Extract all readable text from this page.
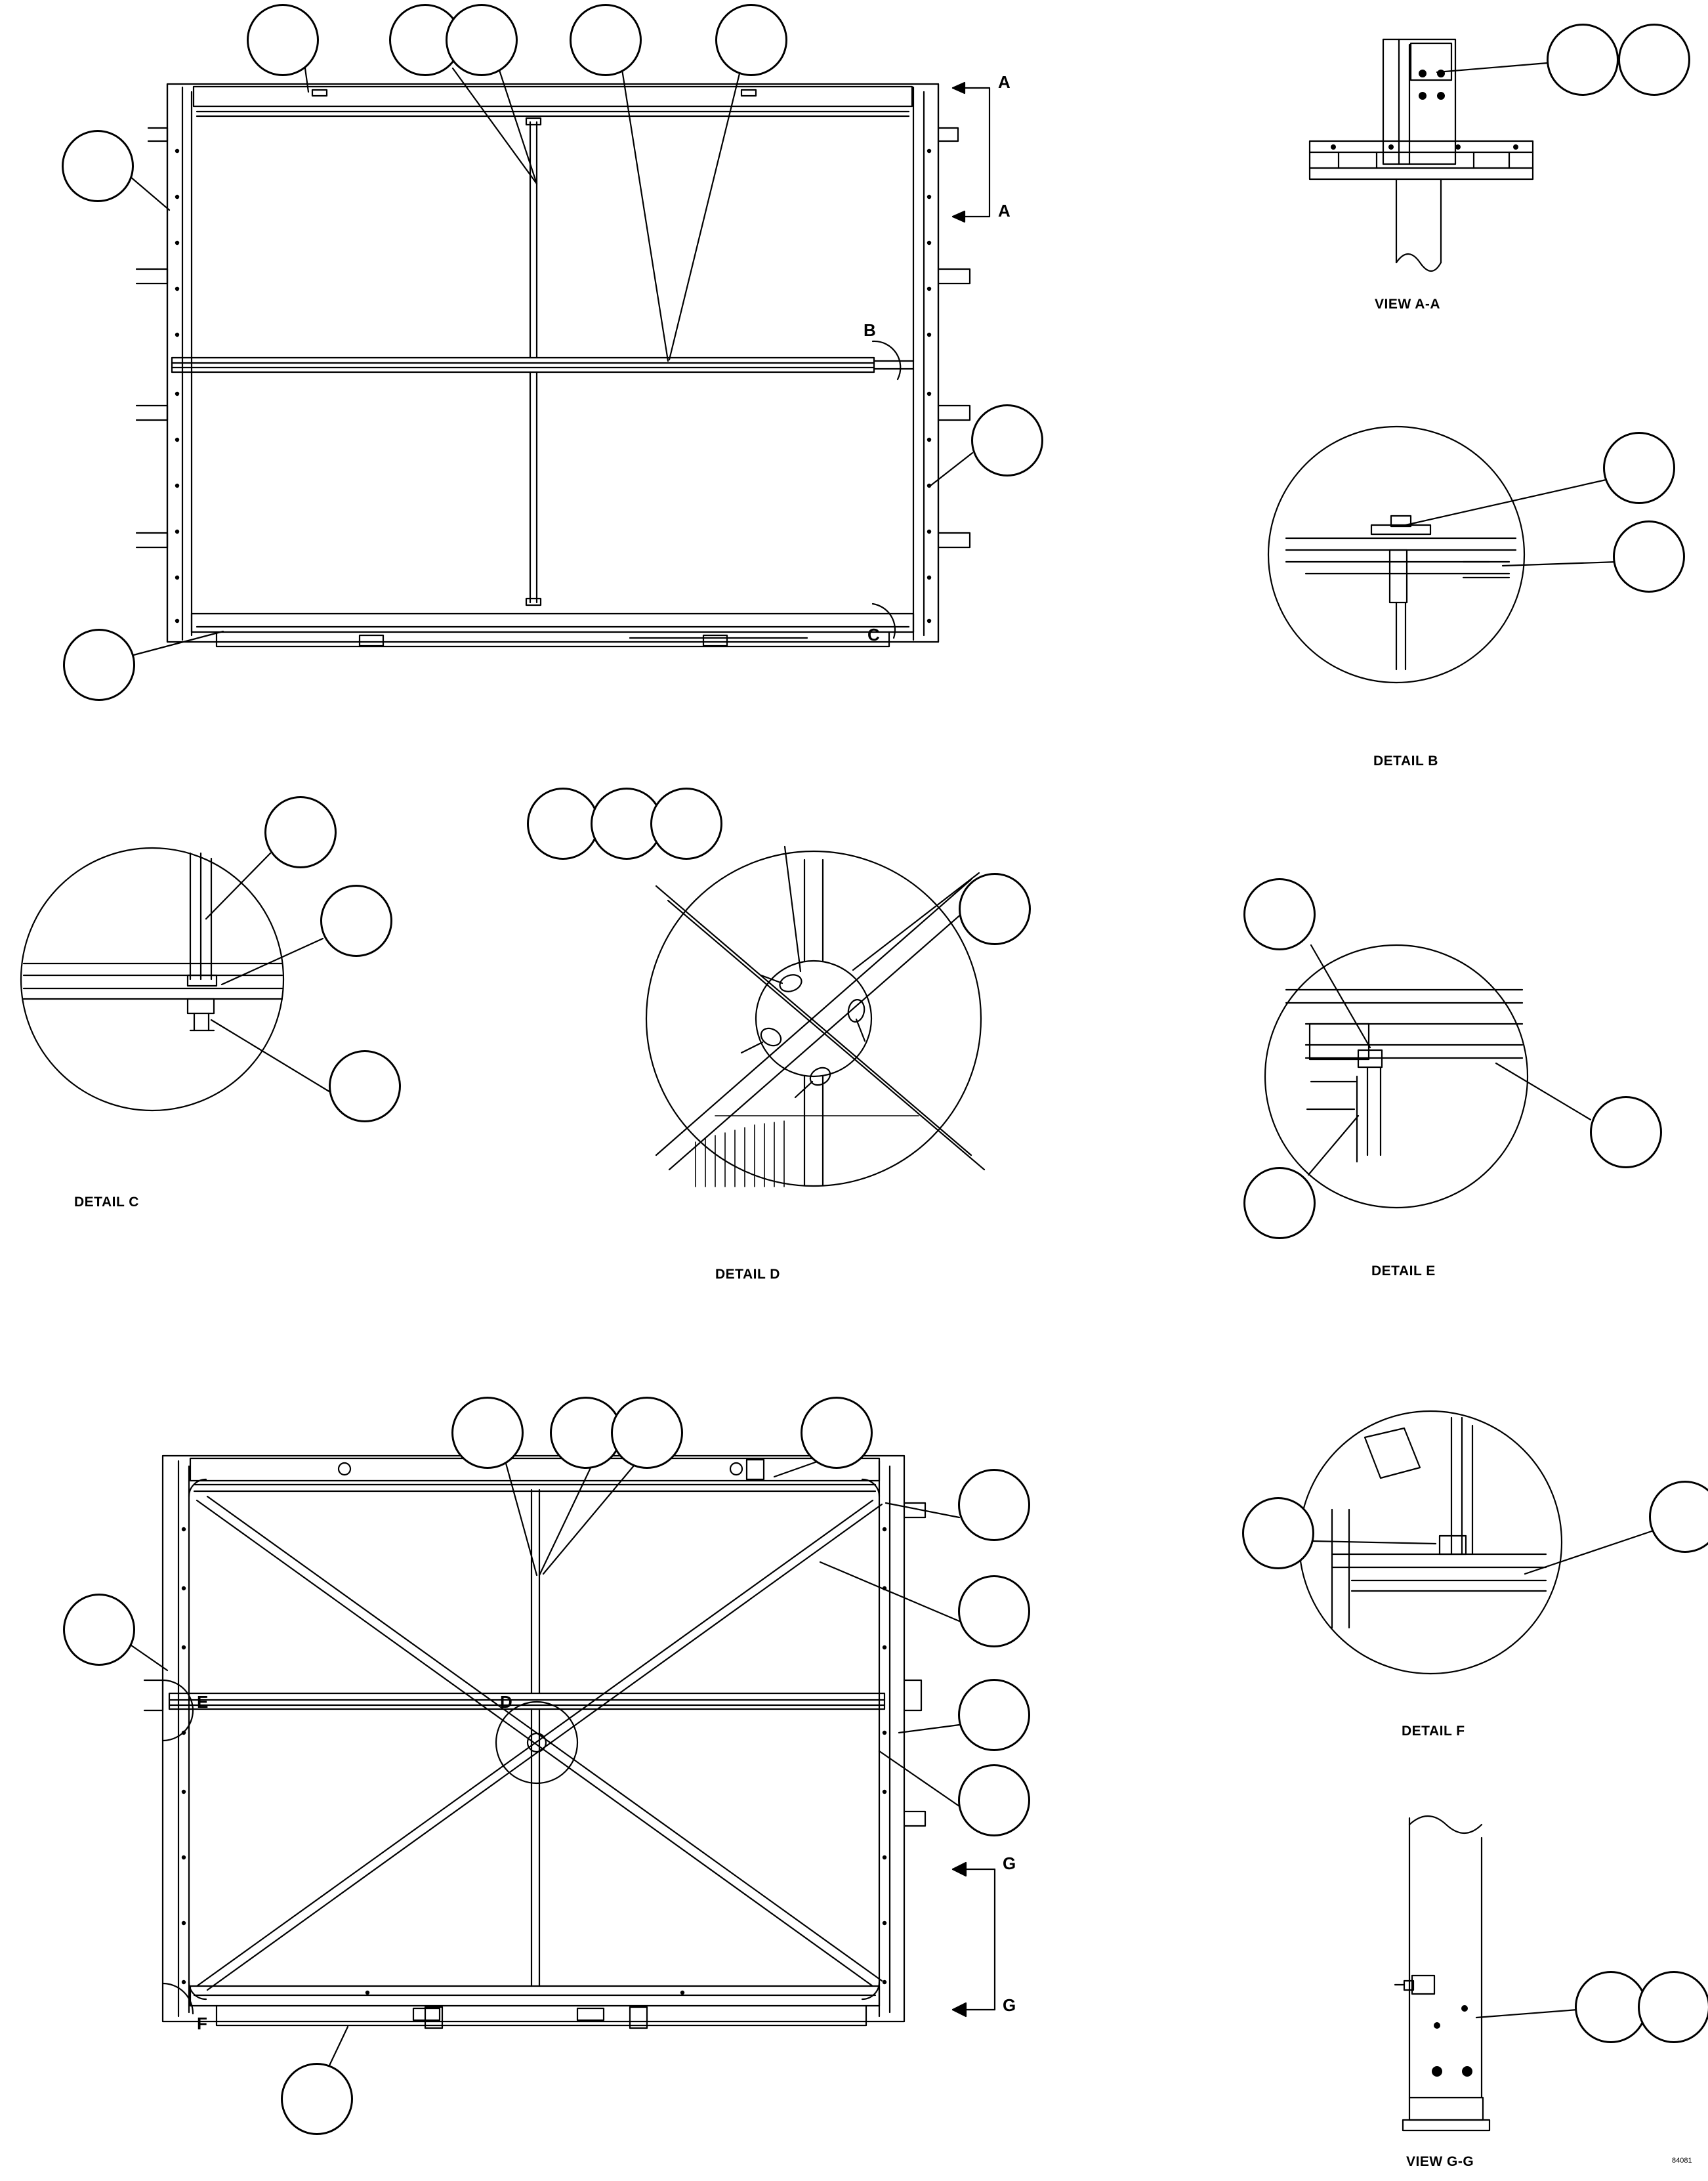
A
A
B
C
D
E
F
G
G
VIEW A-A
DETAIL B
DETAIL C
DETAIL D	DETAIL E
DETAIL F
VIEW G-G	84081
